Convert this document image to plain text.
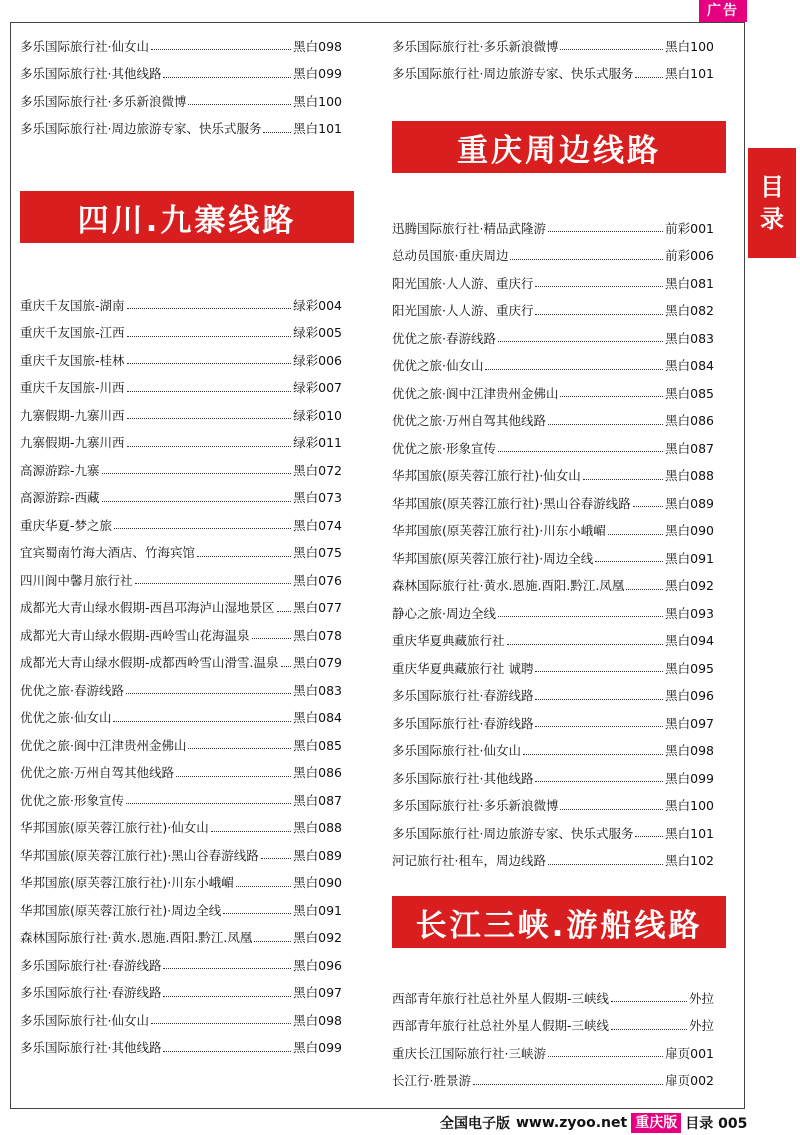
广告
目
录
四川.九寨线路
重庆周边线路
长江三峡.游船线路
多乐国际旅行社·仙女山	黑白098
多乐国际旅行社·其他线路	黑白099
多乐国际旅行社·多乐新浪微博	黑白100
多乐国际旅行社·周边旅游专家、快乐式服务	黑白101
重庆千友国旅-湖南	绿彩004
重庆千友国旅-江西	绿彩005
重庆千友国旅-桂林	绿彩006
重庆千友国旅-川西	绿彩007
九寨假期-九寨川西	绿彩010
九寨假期-九寨川西	绿彩011
高源游踪-九寨	黑白072
高源游踪-西藏	黑白073
重庆华夏-梦之旅	黑白074
宜宾蜀南竹海大酒店、竹海宾馆	黑白075
四川阆中馨月旅行社	黑白076
成都光大青山绿水假期-西昌邛海泸山湿地景区 黑白077
成都光大青山绿水假期-西岭雪山花海温泉	黑白078
成都光大青山绿水假期-成都西岭雪山滑雪.温泉 黑白079
优优之旅·春游线路	黑白083
优优之旅·仙女山	黑白084
优优之旅·阆中江津贵州金佛山	黑白085
优优之旅·万州自驾其他线路	黑白086
优优之旅·形象宣传	黑白087
华邦国旅(原芙蓉江旅行社)·仙女山	黑白088
华邦国旅(原芙蓉江旅行社)·黑山谷春游线路	黑白089
华邦国旅(原芙蓉江旅行社)·川东小峨嵋	黑白090
华邦国旅(原芙蓉江旅行社)·周边全线	黑白091
森林国际旅行社·黄水.恩施.酉阳.黔江.凤凰	黑白092
多乐国际旅行社·春游线路	黑白096
多乐国际旅行社·春游线路	黑白097
多乐国际旅行社·仙女山	黑白098
多乐国际旅行社·其他线路	黑白099
多乐国际旅行社·多乐新浪微博	黑白100
多乐国际旅行社·周边旅游专家、快乐式服务	黑白101
迅腾国际旅行社·精品武隆游	前彩001
总动员国旅·重庆周边	前彩006
阳光国旅·人人游、重庆行	黑白081
阳光国旅·人人游、重庆行	黑白082
优优之旅·春游线路	黑白083
优优之旅·仙女山	黑白084
优优之旅·阆中江津贵州金佛山	黑白085
优优之旅·万州自驾其他线路	黑白086
优优之旅·形象宣传	黑白087
华邦国旅(原芙蓉江旅行社)·仙女山	黑白088
华邦国旅(原芙蓉江旅行社)·黑山谷春游线路	黑白089
华邦国旅(原芙蓉江旅行社)·川东小峨嵋	黑白090
华邦国旅(原芙蓉江旅行社)·周边全线	黑白091
森林国际旅行社·黄水.恩施.酉阳.黔江.凤凰	黑白092
静心之旅·周边全线	黑白093
重庆华夏典藏旅行社	黑白094
重庆华夏典藏旅行社 诚聘	黑白095
多乐国际旅行社·春游线路	黑白096
多乐国际旅行社·春游线路	黑白097
多乐国际旅行社·仙女山	黑白098
多乐国际旅行社·其他线路	黑白099
多乐国际旅行社·多乐新浪微博	黑白100
多乐国际旅行社·周边旅游专家、快乐式服务	黑白101
河记旅行社·租车，周边线路	黑白102
西部青年旅行社总社外星人假期-三峡线	外拉
西部青年旅行社总社外星人假期-三峡线	外拉
重庆长江国际旅行社·三峡游	扉页001
长江行·胜景游	扉页002
全国电子版 www.zyoo.net 重庆版 目录 005
